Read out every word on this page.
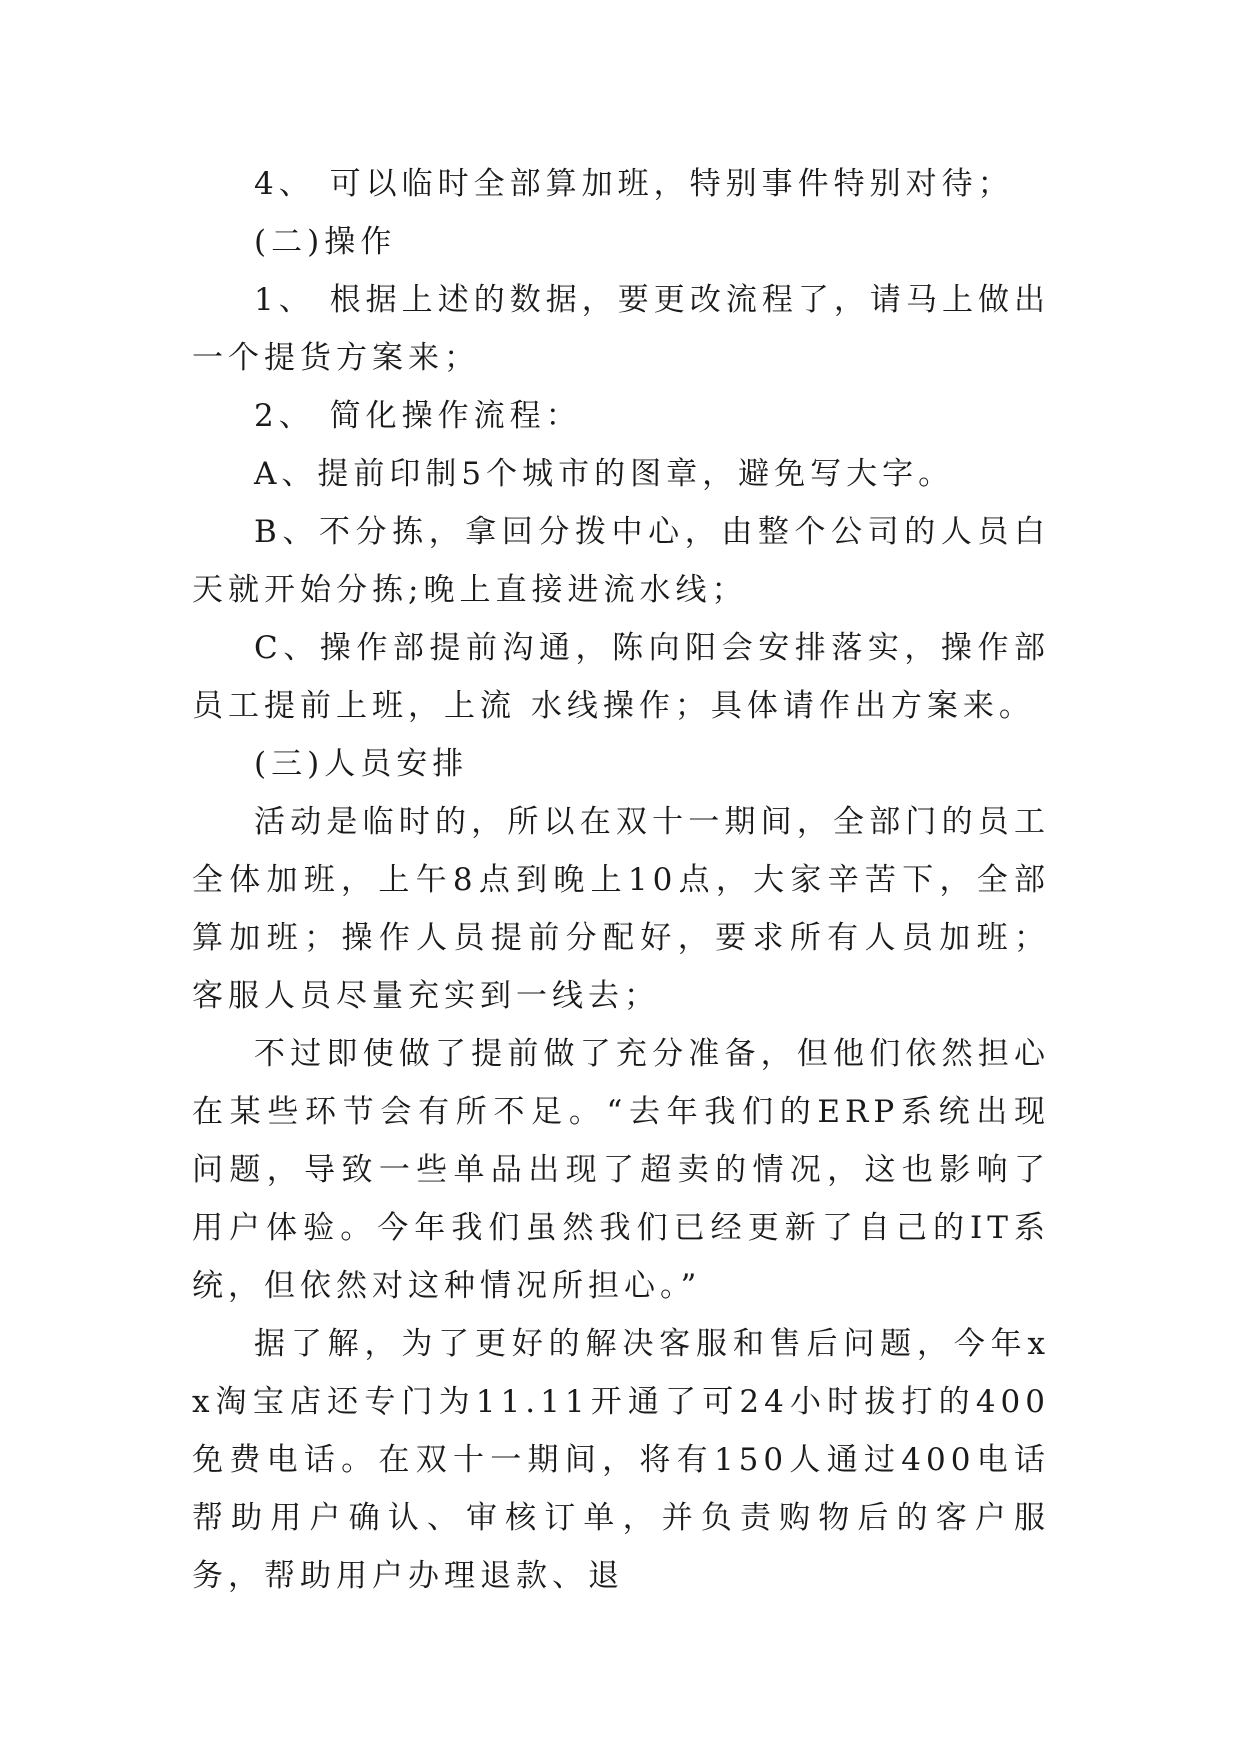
4、 可以临时全部算加班，特别事件特别对待；

(二)操作

1、 根据上述的数据，要更改流程了，请马上做出一个提货方案来；

2、 简化操作流程：

A、提前印制5个城市的图章，避免写大字。

B、不分拣，拿回分拨中心，由整个公司的人员白天就开始分拣;晚上直接进流水线；

C、操作部提前沟通，陈向阳会安排落实，操作部员工提前上班，上流 水线操作；具体请作出方案来。

(三)人员安排

活动是临时的，所以在双十一期间，全部门的员工全体加班，上午8点到晚上10点，大家辛苦下，全部算加班；操作人员提前分配好，要求所有人员加班；客服人员尽量充实到一线去；

不过即使做了提前做了充分准备，但他们依然担心在某些环节会有所不足。“去年我们的ERP系统出现问题，导致一些单品出现了超卖的情况，这也影响了用户体验。今年我们虽然我们已经更新了自己的IT系统，但依然对这种情况所担心。”

据了解，为了更好的解决客服和售后问题，今年xx淘宝店还专门为11.11开通了可24小时拔打的400免费电话。在双十一期间，将有150人通过400电话帮助用户确认、审核订单，并负责购物后的客户服务，帮助用户办理退款、退
